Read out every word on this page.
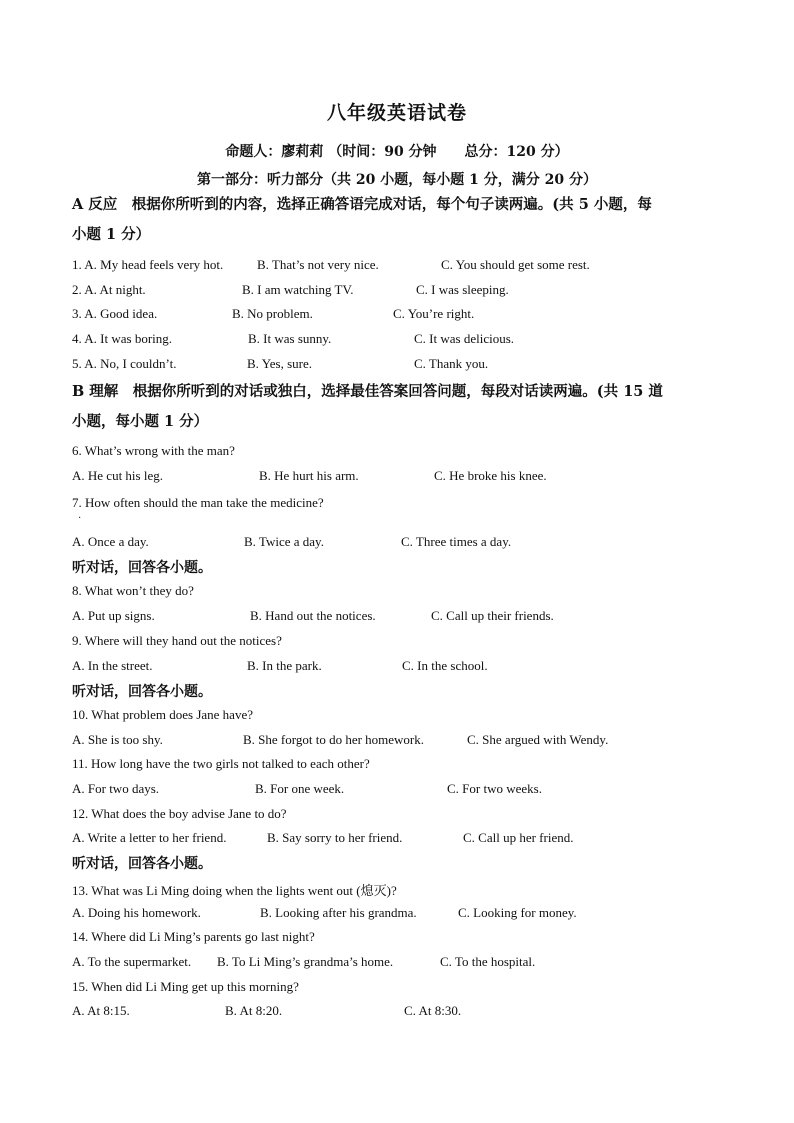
八年级英语试卷
命题人：廖莉莉 （时间：90 分钟　　总分：120 分）
第一部分：听力部分（共 20 小题，每小题 1 分，满分 20 分）
A 反应　根据你所听到的内容，选择正确答语完成对话，每个句子读两遍。(共 5 小题，每
小题 1 分）
1. A. My head feels very hot.	B. That’s not very nice.	C. You should get some rest.
2. A. At night.	B. I am watching TV.	C. I was sleeping.
3. A. Good idea.	B. No problem.	C. You’re right.
4. A. It was boring.	B. It was sunny.	C. It was delicious.
5. A. No, I couldn’t.	B. Yes, sure.	C. Thank you.
B 理解　根据你所听到的对话或独白，选择最佳答案回答问题，每段对话读两遍。(共 15 道
小题，每小题 1 分）
6. What’s wrong with the man?
A. He cut his leg.	B. He hurt his arm.	C. He broke his knee.
7. How often should the man take the medicine?
·
A. Once a day.	B. Twice a day.	C. Three times a day.
听对话，回答各小题。
8. What won’t they do?
A. Put up signs.	B. Hand out the notices.	C. Call up their friends.
9. Where will they hand out the notices?
A. In the street.	B. In the park.	C. In the school.
听对话，回答各小题。
10. What problem does Jane have?
A. She is too shy.	B. She forgot to do her homework.	C. She argued with Wendy.
11. How long have the two girls not talked to each other?
A. For two days.	B. For one week.	C. For two weeks.
12. What does the boy advise Jane to do?
A. Write a letter to her friend.	B. Say sorry to her friend.	C. Call up her friend.
听对话，回答各小题。
13. What was Li Ming doing when the lights went out (熄灭)?
A. Doing his homework.	B. Looking after his grandma.	C. Looking for money.
14. Where did Li Ming’s parents go last night?
A. To the supermarket. B. To Li Ming’s grandma’s home.	C. To the hospital.
15. When did Li Ming get up this morning?
A. At 8:15.	B. At 8:20.	C. At 8:30.
